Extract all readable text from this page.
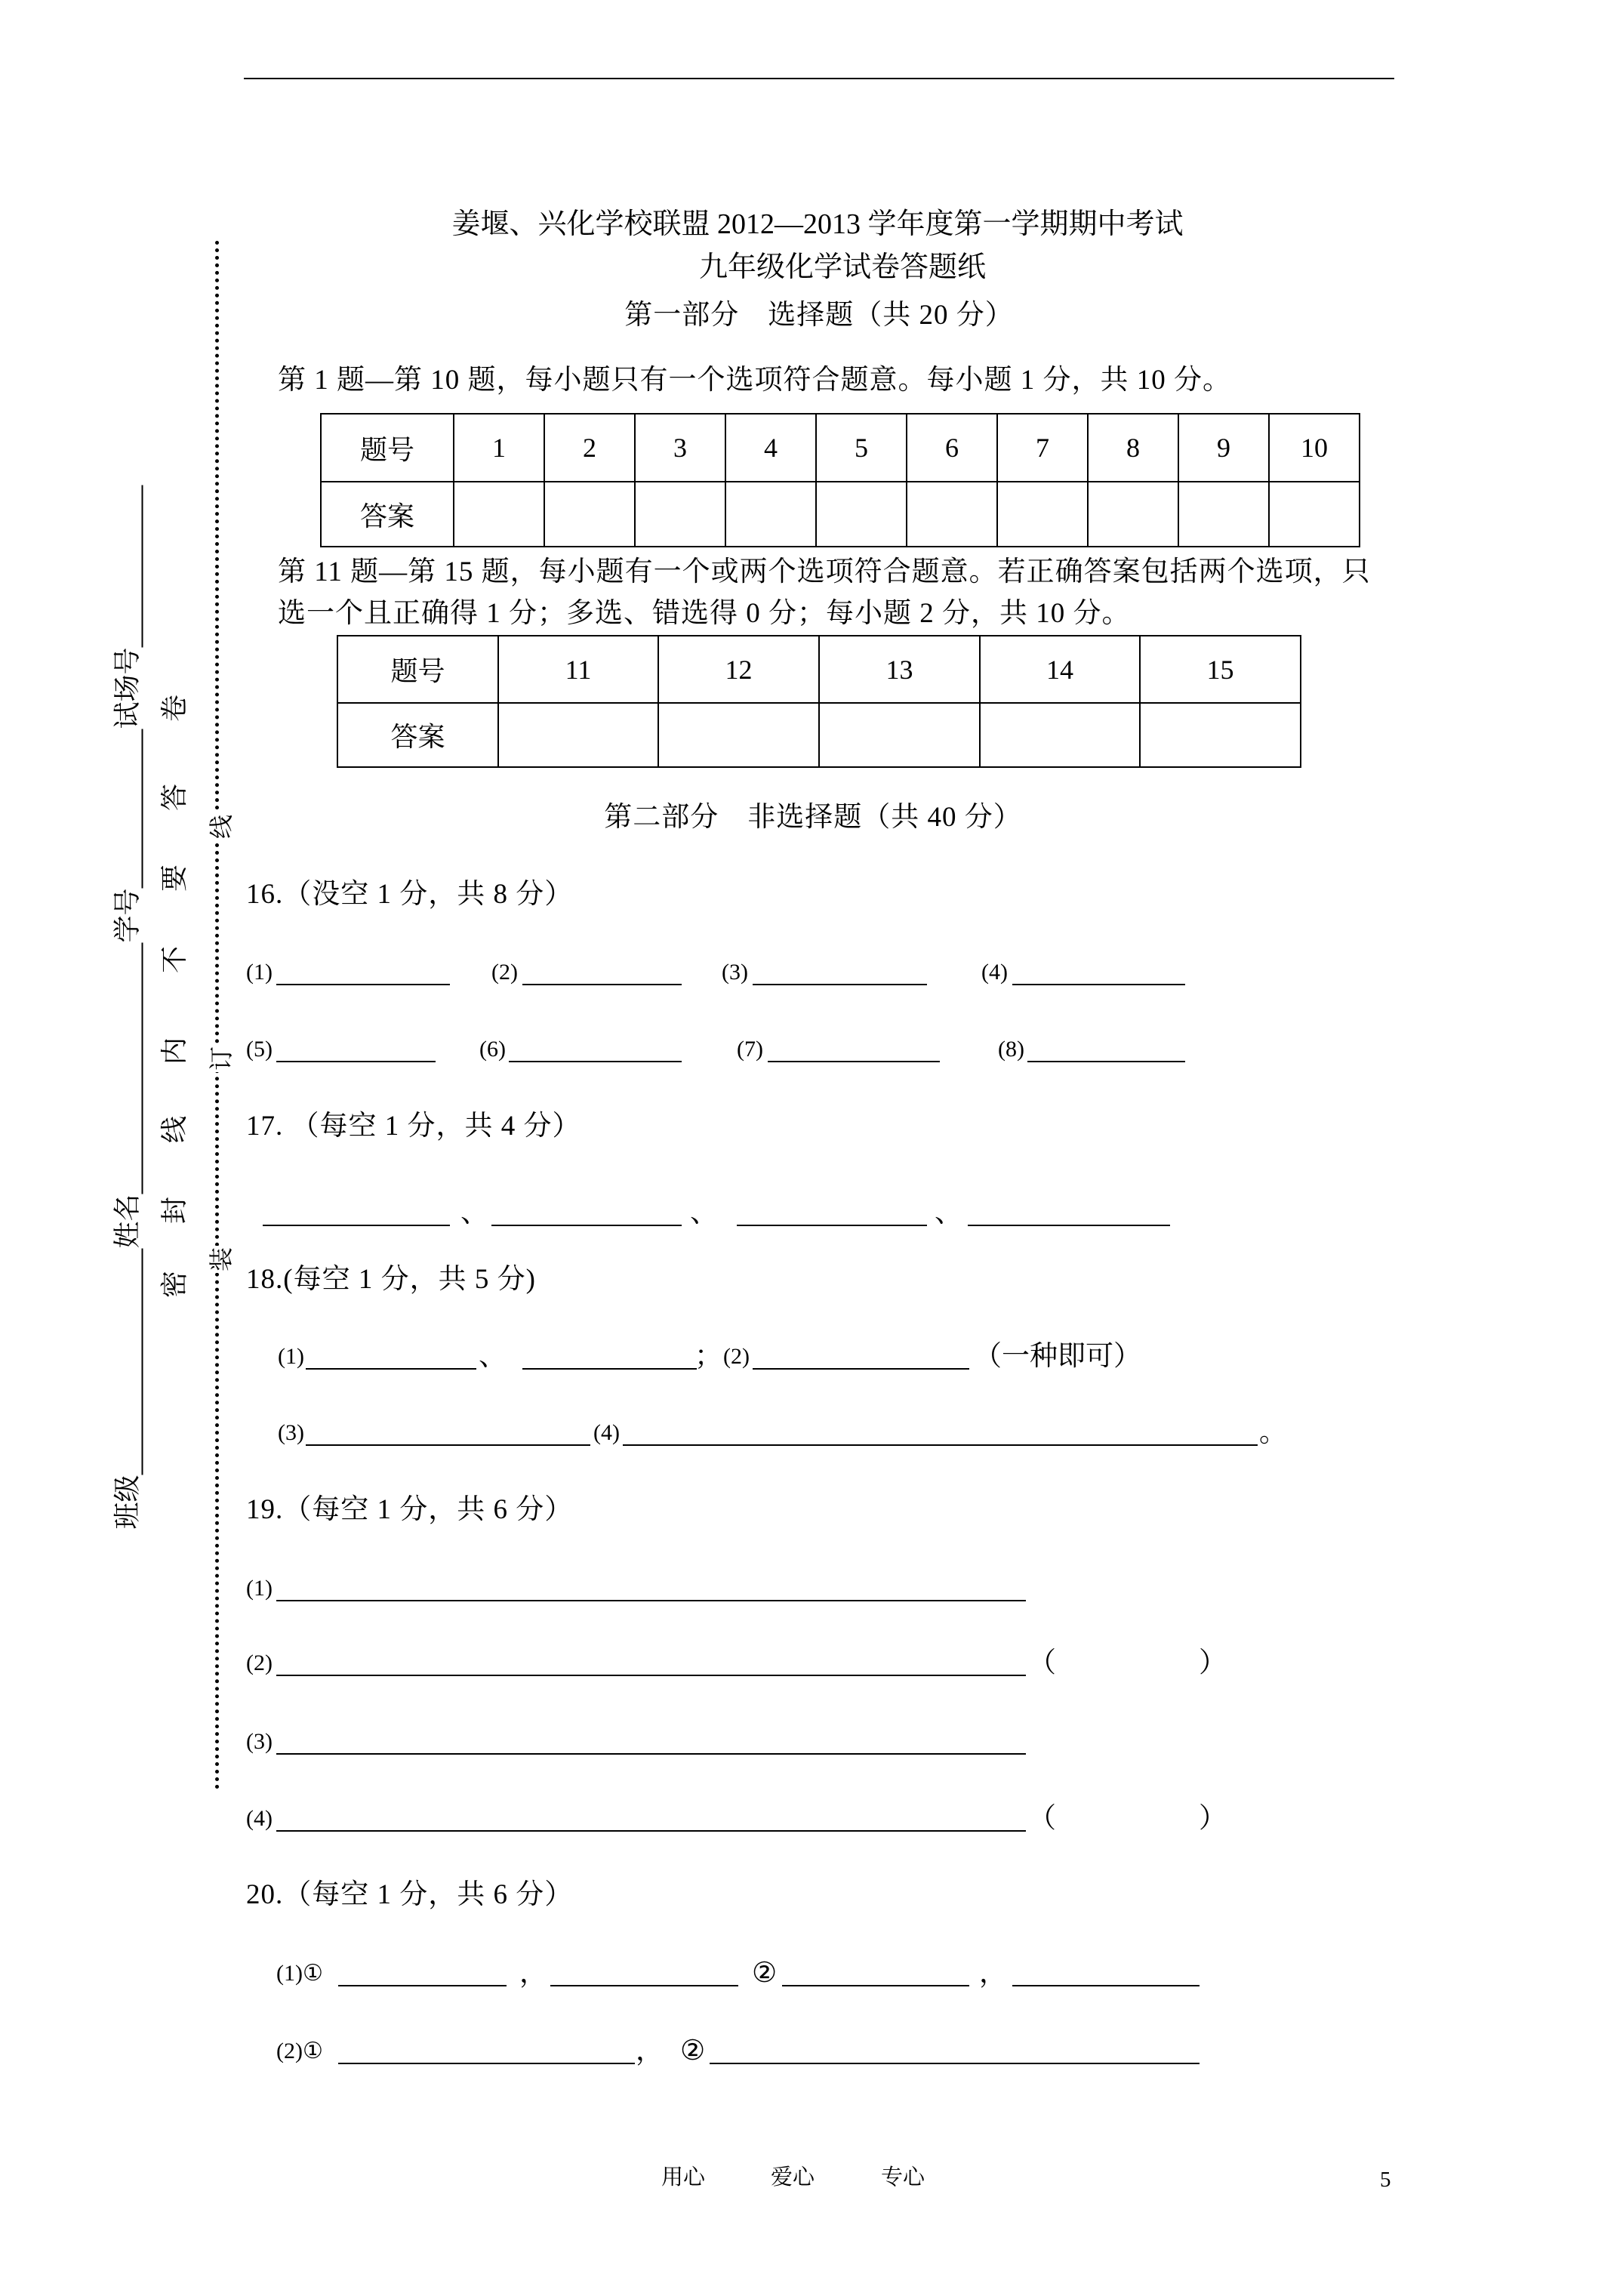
班级
姓名
学号
试场号
密
封
线
内
不
要
答
卷
装
订
线
姜堰、兴化学校联盟 2012—2013 学年度第一学期期中考试
九年级化学试卷答题纸
第一部分　选择题（共 20 分）
第 1 题—第 10 题，每小题只有一个选项符合题意。每小题 1 分，共 10 分。
题号	1	2	3	4	5	6	7	8	9	10
答案										
第 11 题—第 15 题，每小题有一个或两个选项符合题意。若正确答案包括两个选项，只
选一个且正确得 1 分；多选、错选得 0 分；每小题 2 分，共 10 分。
题号	11	12	13	14	15
答案					
第二部分　非选择题（共 40 分）
16.（没空 1 分，共 8 分）
(1)	(2)	(3)	(4)
(5)	(6)	(7)	(8)
17. （每空 1 分，共 4 分）
、	、	、
18.(每空 1 分，共 5 分)
(1)	、	； (2)	（一种即可）
(3)	(4)	。
19.（每空 1 分，共 6 分）
(1)
(2)	（	）
(3)
(4)	（	）
20.（每空 1 分，共 6 分）
(1)①	，	②	，
(2)①	， ②
用心	爱心	专心	5
